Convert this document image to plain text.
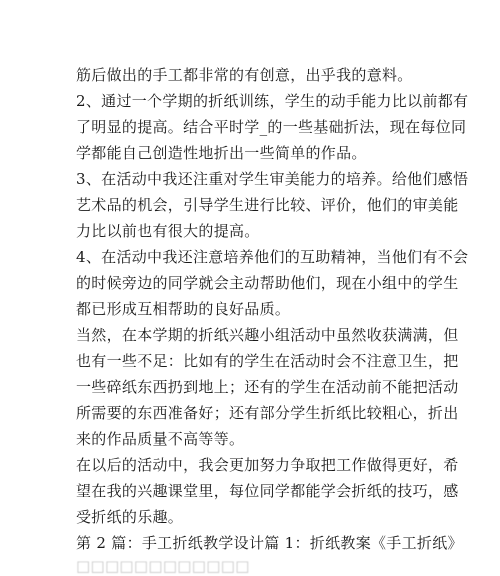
筋后做出的手工都非常的有创意，出乎我的意料。
2、通过一个学期的折纸训练，学生的动手能力比以前都有
了明显的提高。结合平时学_的一些基础折法，现在每位同
学都能自己创造性地折出一些简单的作品。
3、在活动中我还注重对学生审美能力的培养。给他们感悟
艺术品的机会，引导学生进行比较、评价，他们的审美能
力比以前也有很大的提高。
4、在活动中我还注意培养他们的互助精神，当他们有不会
的时候旁边的同学就会主动帮助他们，现在小组中的学生
都已形成互相帮助的良好品质。
当然，在本学期的折纸兴趣小组活动中虽然收获满满，但
也有一些不足：比如有的学生在活动时会不注意卫生，把
一些碎纸东西扔到地上；还有的学生在活动前不能把活动
所需要的东西准备好；还有部分学生折纸比较粗心，折出
来的作品质量不高等等。
在以后的活动中，我会更加努力争取把工作做得更好，希
望在我的兴趣课堂里，每位同学都能学会折纸的技巧，感
受折纸的乐趣。
第 2 篇：手工折纸教学设计篇 1：折纸教案《手工折纸》
□□□□□□□□□□□□
